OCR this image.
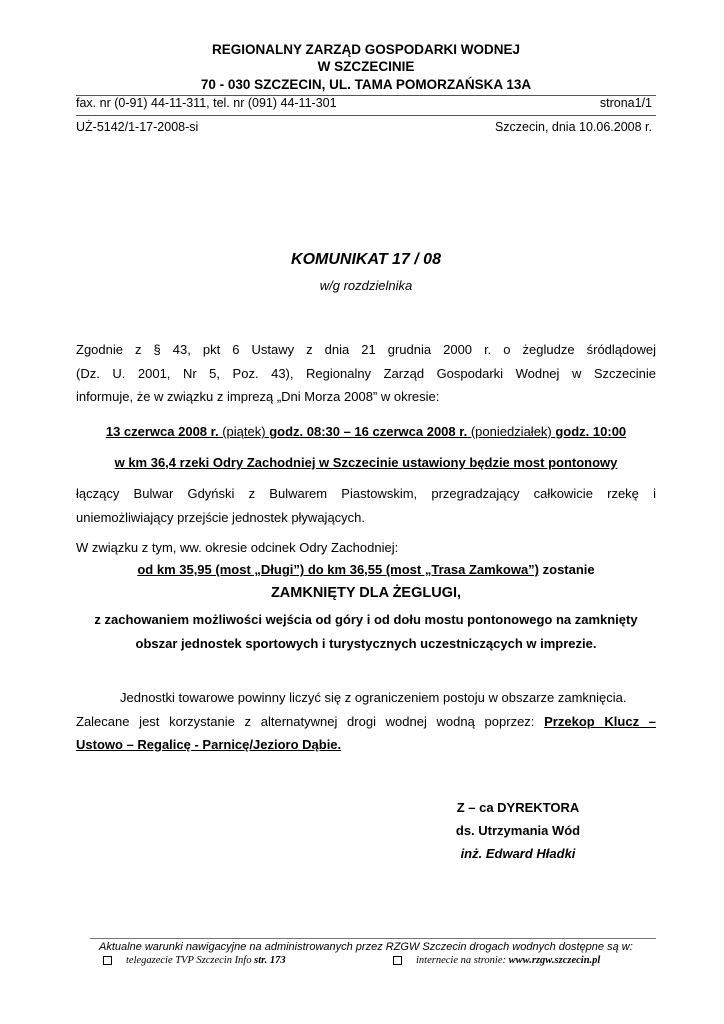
REGIONALNY ZARZĄD GOSPODARKI WODNEJ
W SZCZECINIE
70 - 030 SZCZECIN, UL. TAMA POMORZAŃSKA 13A
fax. nr (0-91) 44-11-311, tel. nr (091) 44-11-301	strona1/1
UŻ-5142/1-17-2008-si	Szczecin, dnia 10.06.2008 r.
KOMUNIKAT 17 / 08
w/g rozdzielnika
Zgodnie z § 43, pkt 6 Ustawy z dnia 21 grudnia 2000 r. o żegludze śródlądowej
(Dz. U. 2001, Nr 5, Poz. 43), Regionalny Zarząd Gospodarki Wodnej w Szczecinie
informuje, że w związku z imprezą „Dni Morza 2008” w okresie:
13 czerwca 2008 r. (piątek) godz. 08:30 – 16 czerwca 2008 r. (poniedziałek) godz. 10:00
w km 36,4 rzeki Odry Zachodniej w Szczecinie ustawiony będzie most pontonowy
łączący Bulwar Gdyński z Bulwarem Piastowskim, przegradzający całkowicie rzekę i
uniemożliwiający przejście jednostek pływających.
W związku z tym, ww. okresie odcinek Odry Zachodniej:
od km 35,95 (most „Długi”) do km 36,55 (most „Trasa Zamkowa”) zostanie
ZAMKNIĘTY DLA ŻEGLUGI,
z zachowaniem możliwości wejścia od góry i od dołu mostu pontonowego na zamknięty
obszar jednostek sportowych i turystycznych uczestniczących w imprezie.
Jednostki towarowe powinny liczyć się z ograniczeniem postoju w obszarze zamknięcia.
Zalecane jest korzystanie z alternatywnej drogi wodnej wodną poprzez: Przekop Klucz –
Ustowo – Regalicę - Parnicę/Jezioro Dąbie.
Z – ca DYREKTORA
ds. Utrzymania Wód
inż. Edward Hładki
Aktualne warunki nawigacyjne na administrowanych przez RZGW Szczecin drogach wodnych dostępne są w:
telegazecie TVP Szczecin Info str. 173	internecie na stronie: www.rzgw.szczecin.pl
